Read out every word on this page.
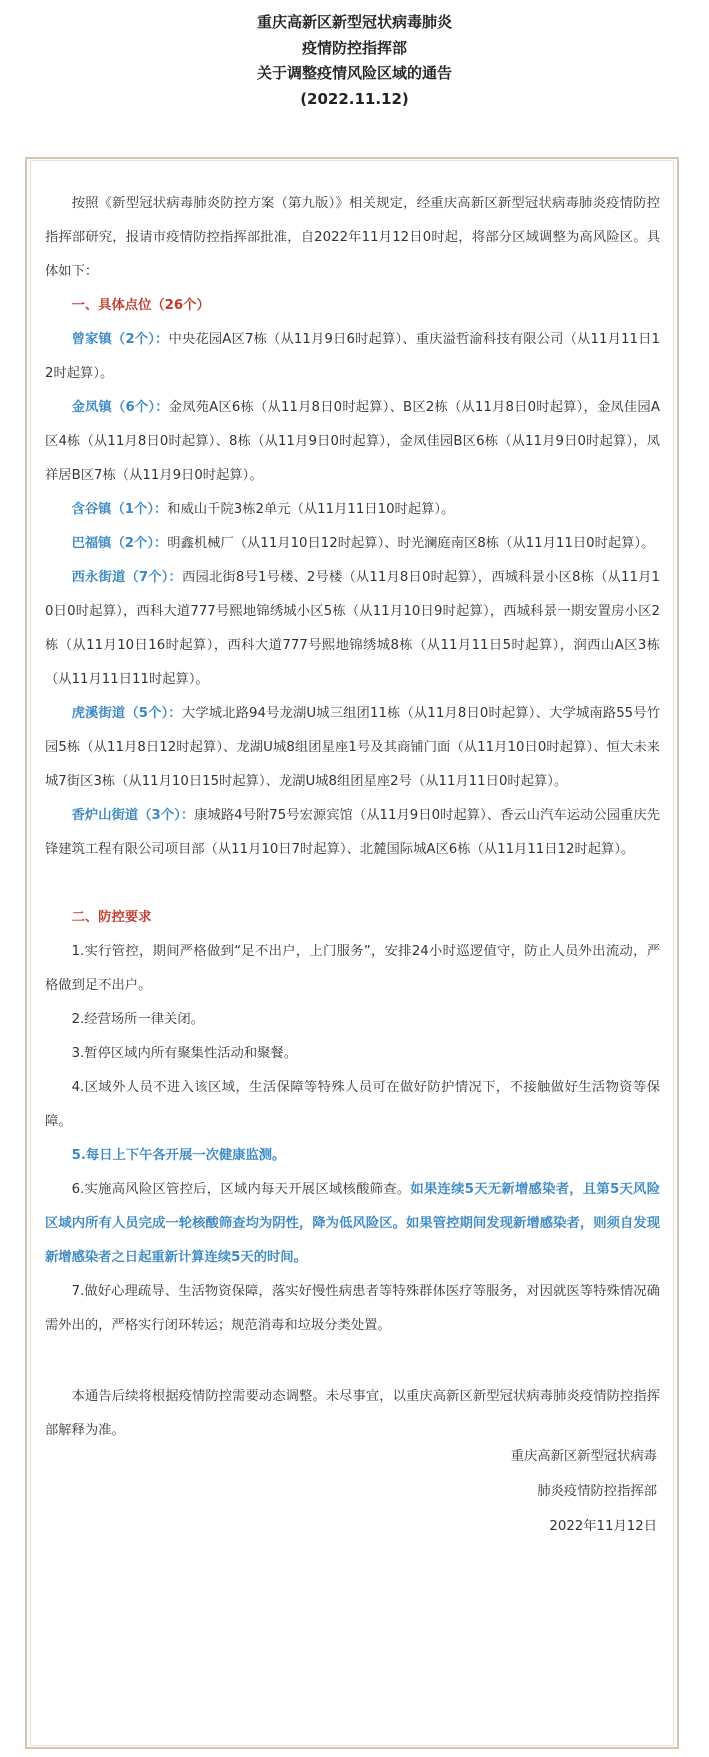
重庆高新区新型冠状病毒肺炎
疫情防控指挥部
关于调整疫情风险区域的通告
(2022.11.12)

按照《新型冠状病毒肺炎防控方案（第九版）》相关规定，经重庆高新区新型冠状病毒肺炎疫情防控指挥部研究，报请市疫情防控指挥部批准，自2022年11月12日0时起，将部分区域调整为高风险区。具体如下：

一、具体点位（26个）

曾家镇（2个）：中央花园A区7栋（从11月9日6时起算）、重庆溢哲渝科技有限公司（从11月11日12时起算）。

金凤镇（6个）：金凤苑A区6栋（从11月8日0时起算）、B区2栋（从11月8日0时起算），金凤佳园A区4栋（从11月8日0时起算）、8栋（从11月9日0时起算），金凤佳园B区6栋（从11月9日0时起算），凤祥居B区7栋（从11月9日0时起算）。

含谷镇（1个）：和威山千院3栋2单元（从11月11日10时起算）。

巴福镇（2个）：明鑫机械厂（从11月10日12时起算）、时光澜庭南区8栋（从11月11日0时起算）。

西永街道（7个）：西园北街8号1号楼、2号楼（从11月8日0时起算），西城科景小区8栋（从11月10日0时起算），西科大道777号熙地锦绣城小区5栋（从11月10日9时起算），西城科景一期安置房小区2栋（从11月10日16时起算），西科大道777号熙地锦绣城8栋（从11月11日5时起算），润西山A区3栋（从11月11日11时起算）。

虎溪街道（5个）：大学城北路94号龙湖U城三组团11栋（从11月8日0时起算）、大学城南路55号竹园5栋（从11月8日12时起算）、龙湖U城8组团星座1号及其商铺门面（从11月10日0时起算）、恒大未来城7街区3栋（从11月10日15时起算）、龙湖U城8组团星座2号（从11月11日0时起算）。

香炉山街道（3个）：康城路4号附75号宏源宾馆（从11月9日0时起算）、香云山汽车运动公园重庆先锋建筑工程有限公司项目部（从11月10日7时起算）、北麓国际城A区6栋（从11月11日12时起算）。

二、防控要求

1.实行管控，期间严格做到“足不出户，上门服务”，安排24小时巡逻值守，防止人员外出流动，严格做到足不出户。

2.经营场所一律关闭。

3.暂停区域内所有聚集性活动和聚餐。

4.区域外人员不进入该区域，生活保障等特殊人员可在做好防护情况下，不接触做好生活物资等保障。

5.每日上下午各开展一次健康监测。

6.实施高风险区管控后，区域内每天开展区域核酸筛查。如果连续5天无新增感染者，且第5天风险区域内所有人员完成一轮核酸筛查均为阴性，降为低风险区。如果管控期间发现新增感染者，则须自发现新增感染者之日起重新计算连续5天的时间。

7.做好心理疏导、生活物资保障，落实好慢性病患者等特殊群体医疗等服务，对因就医等特殊情况确需外出的，严格实行闭环转运；规范消毒和垃圾分类处置。

本通告后续将根据疫情防控需要动态调整。未尽事宜，以重庆高新区新型冠状病毒肺炎疫情防控指挥部解释为准。

重庆高新区新型冠状病毒
肺炎疫情防控指挥部
2022年11月12日
